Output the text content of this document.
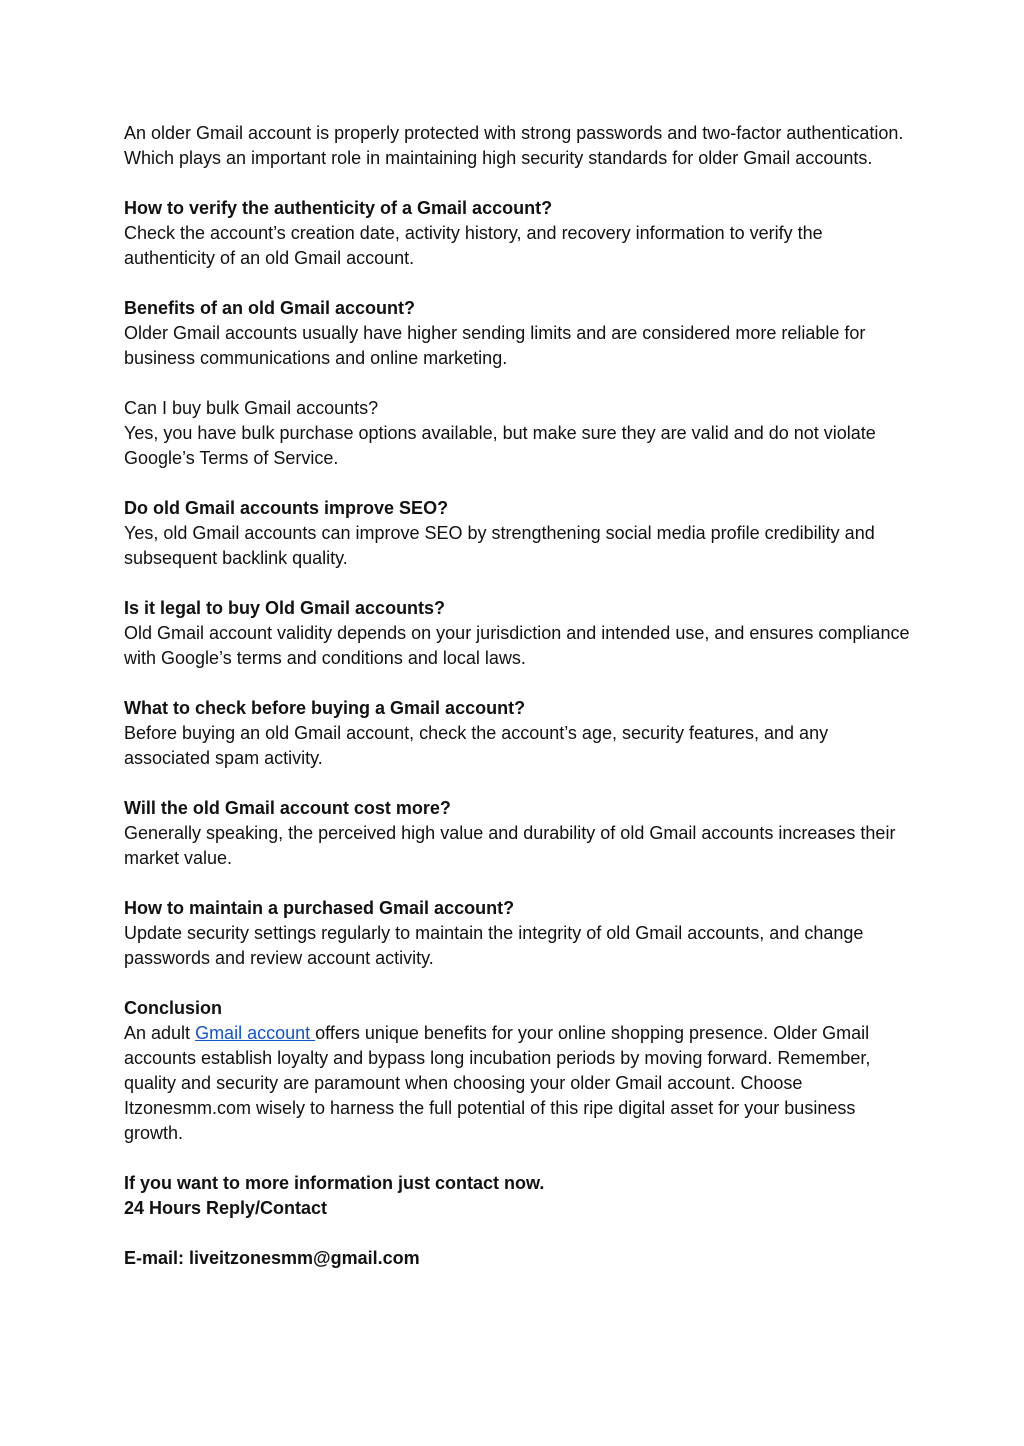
An older Gmail account is properly protected with strong passwords and two-factor authentication. Which plays an important role in maintaining high security standards for older Gmail accounts.

How to verify the authenticity of a Gmail account?

Check the account’s creation date, activity history, and recovery information to verify the authenticity of an old Gmail account.

Benefits of an old Gmail account?

Older Gmail accounts usually have higher sending limits and are considered more reliable for business communications and online marketing.

Can I buy bulk Gmail accounts?

Yes, you have bulk purchase options available, but make sure they are valid and do not violate Google’s Terms of Service.

Do old Gmail accounts improve SEO?

Yes, old Gmail accounts can improve SEO by strengthening social media profile credibility and subsequent backlink quality.

Is it legal to buy Old Gmail accounts?

Old Gmail account validity depends on your jurisdiction and intended use, and ensures compliance with Google’s terms and conditions and local laws.

What to check before buying a Gmail account?

Before buying an old Gmail account, check the account’s age, security features, and any associated spam activity.

Will the old Gmail account cost more?

Generally speaking, the perceived high value and durability of old Gmail accounts increases their market value.

How to maintain a purchased Gmail account?

Update security settings regularly to maintain the integrity of old Gmail accounts, and change passwords and review account activity.

Conclusion

An adult Gmail account offers unique benefits for your online shopping presence. Older Gmail accounts establish loyalty and bypass long incubation periods by moving forward. Remember, quality and security are paramount when choosing your older Gmail account. Choose Itzonesmm.com wisely to harness the full potential of this ripe digital asset for your business growth.

If you want to more information just contact now.

24 Hours Reply/Contact

E-mail: liveitzonesmm@gmail.com
